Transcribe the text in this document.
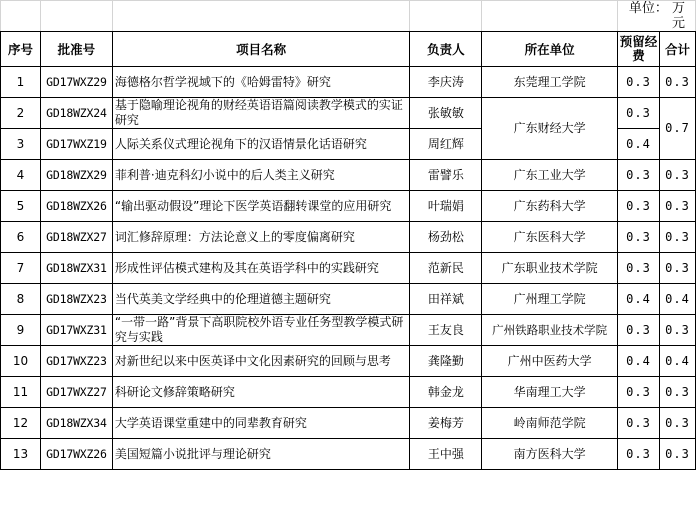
					单位： 万元	
序号	批准号	项目名称	负责人	所在单位	预留经费	合计
1	GD17WXZ29	海德格尔哲学视域下的《哈姆雷特》研究	李庆涛	东莞理工学院	0.3	0.3
2	GD18WZX24	基于隐喻理论视角的财经英语语篇阅读教学模式的实证研究	张敏敏	广东财经大学	0.3	0.7
3	GD17WXZ19	人际关系仪式理论视角下的汉语情景化话语研究	周红辉		0.4	
4	GD18WZX29	菲利普·迪克科幻小说中的后人类主义研究	雷譬乐	广东工业大学	0.3	0.3
5	GD18WZX26	“输出驱动假设”理论下医学英语翻转课堂的应用研究	叶瑞娟	广东药科大学	0.3	0.3
6	GD18WZX27	词汇修辞原理：方法论意义上的零度偏离研究	杨劲松	广东医科大学	0.3	0.3
7	GD18WZX31	形成性评估模式建构及其在英语学科中的实践研究	范新民	广东职业技术学院	0.3	0.3
8	GD18WZX23	当代英美文学经典中的伦理道德主题研究	田祥斌	广州理工学院	0.4	0.4
9	GD17WXZ31	“一带一路”背景下高职院校外语专业任务型教学模式研究与实践	王友良	广州铁路职业技术学院	0.3	0.3
10	GD17WXZ23	对新世纪以来中医英译中文化因素研究的回顾与思考	龚隆勤	广州中医药大学	0.4	0.4
11	GD17WXZ27	科研论文修辞策略研究	韩金龙	华南理工大学	0.3	0.3
12	GD18WZX34	大学英语课堂重建中的同辈教育研究	姜梅芳	岭南师范学院	0.3	0.3
13	GD17WXZ26	美国短篇小说批评与理论研究	王中强	南方医科大学	0.3	0.3
